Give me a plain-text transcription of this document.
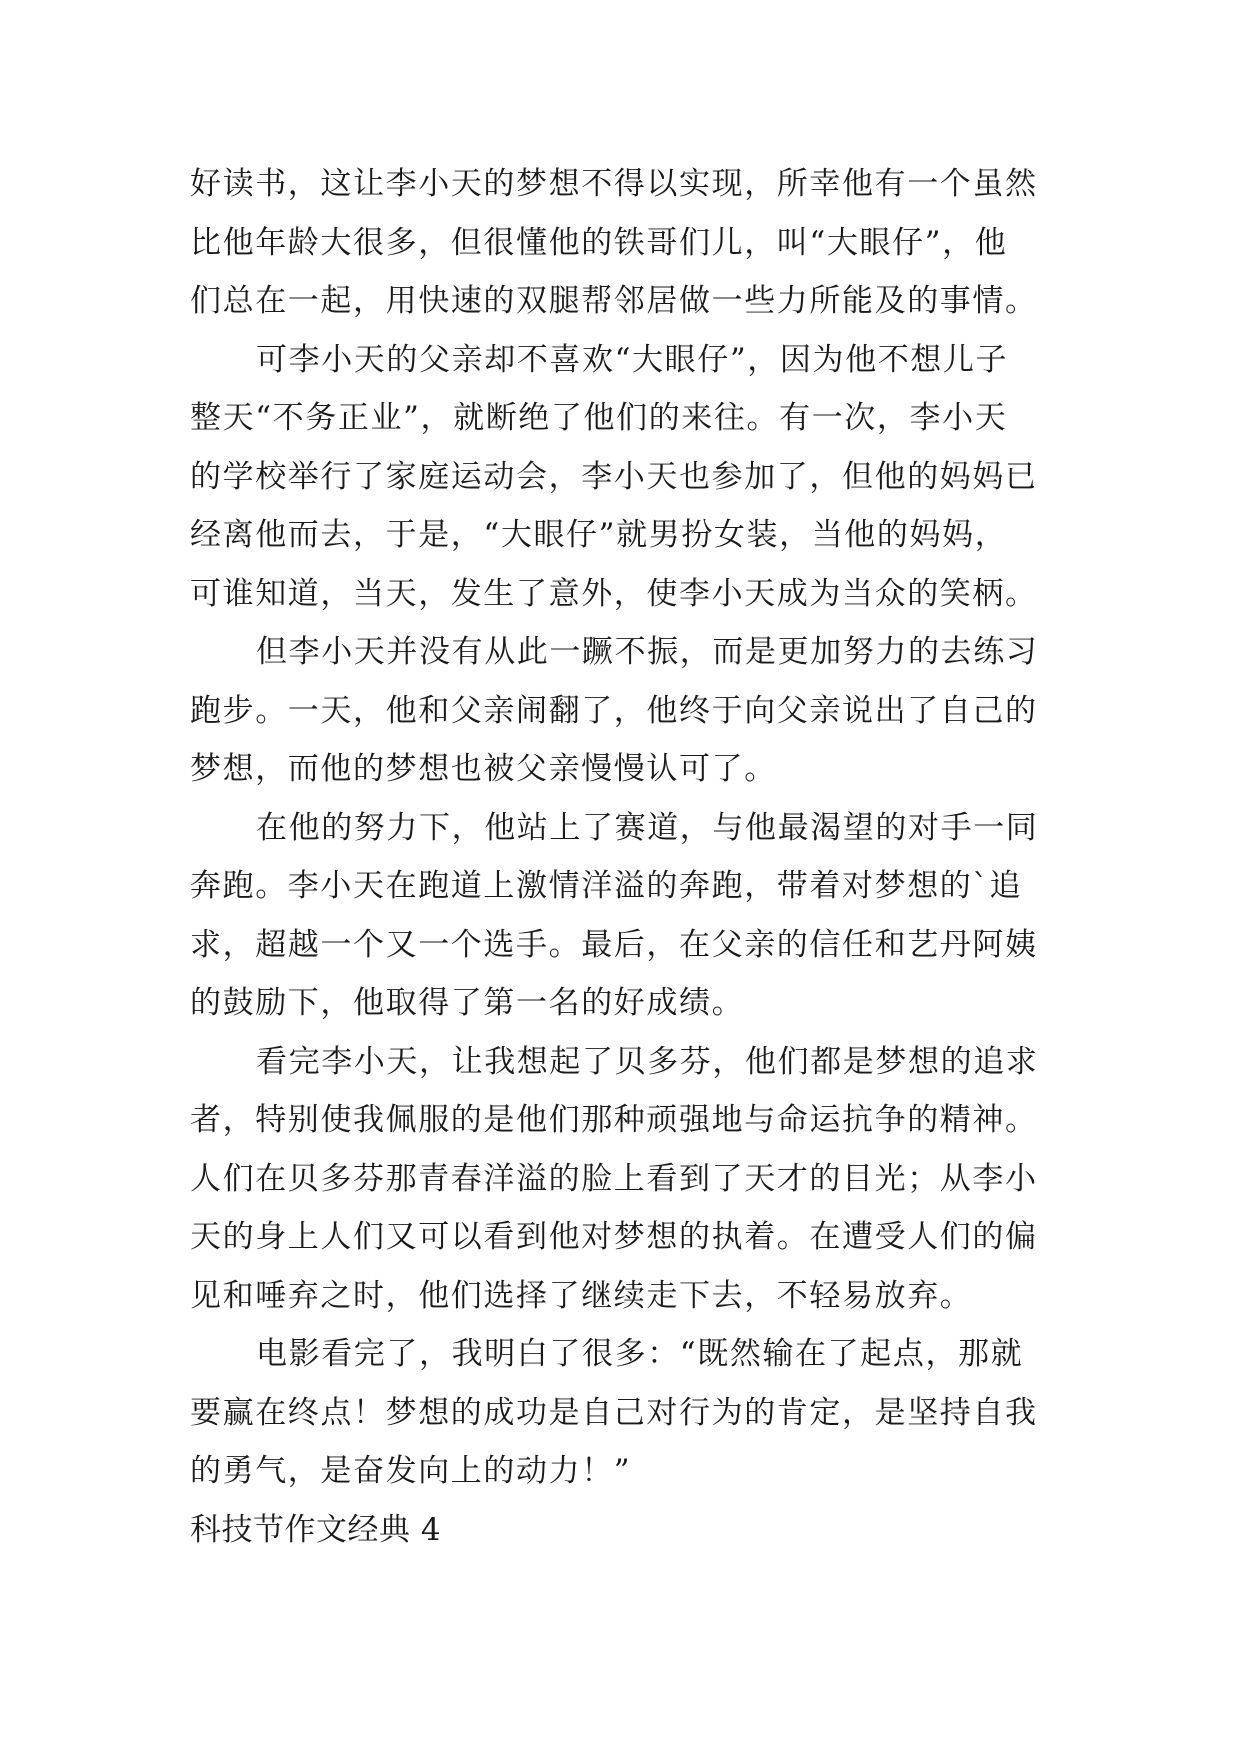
好读书，这让李小天的梦想不得以实现，所幸他有一个虽然
比他年龄大很多，但很懂他的铁哥们儿，叫“大眼仔”，他
们总在一起，用快速的双腿帮邻居做一些力所能及的事情。
可李小天的父亲却不喜欢“大眼仔”，因为他不想儿子
整天“不务正业”，就断绝了他们的来往。有一次，李小天
的学校举行了家庭运动会，李小天也参加了，但他的妈妈已
经离他而去，于是，“大眼仔”就男扮女装，当他的妈妈，
可谁知道，当天，发生了意外，使李小天成为当众的笑柄。
但李小天并没有从此一蹶不振，而是更加努力的去练习
跑步。一天，他和父亲闹翻了，他终于向父亲说出了自己的
梦想，而他的梦想也被父亲慢慢认可了。
在他的努力下，他站上了赛道，与他最渴望的对手一同
奔跑。李小天在跑道上激情洋溢的奔跑，带着对梦想的`追
求，超越一个又一个选手。最后，在父亲的信任和艺丹阿姨
的鼓励下，他取得了第一名的好成绩。
看完李小天，让我想起了贝多芬，他们都是梦想的追求
者，特别使我佩服的是他们那种顽强地与命运抗争的精神。
人们在贝多芬那青春洋溢的脸上看到了天才的目光；从李小
天的身上人们又可以看到他对梦想的执着。在遭受人们的偏
见和唾弃之时，他们选择了继续走下去，不轻易放弃。
电影看完了，我明白了很多：“既然输在了起点，那就
要赢在终点！梦想的成功是自己对行为的肯定，是坚持自我
的勇气，是奋发向上的动力！”
科技节作文经典 4
